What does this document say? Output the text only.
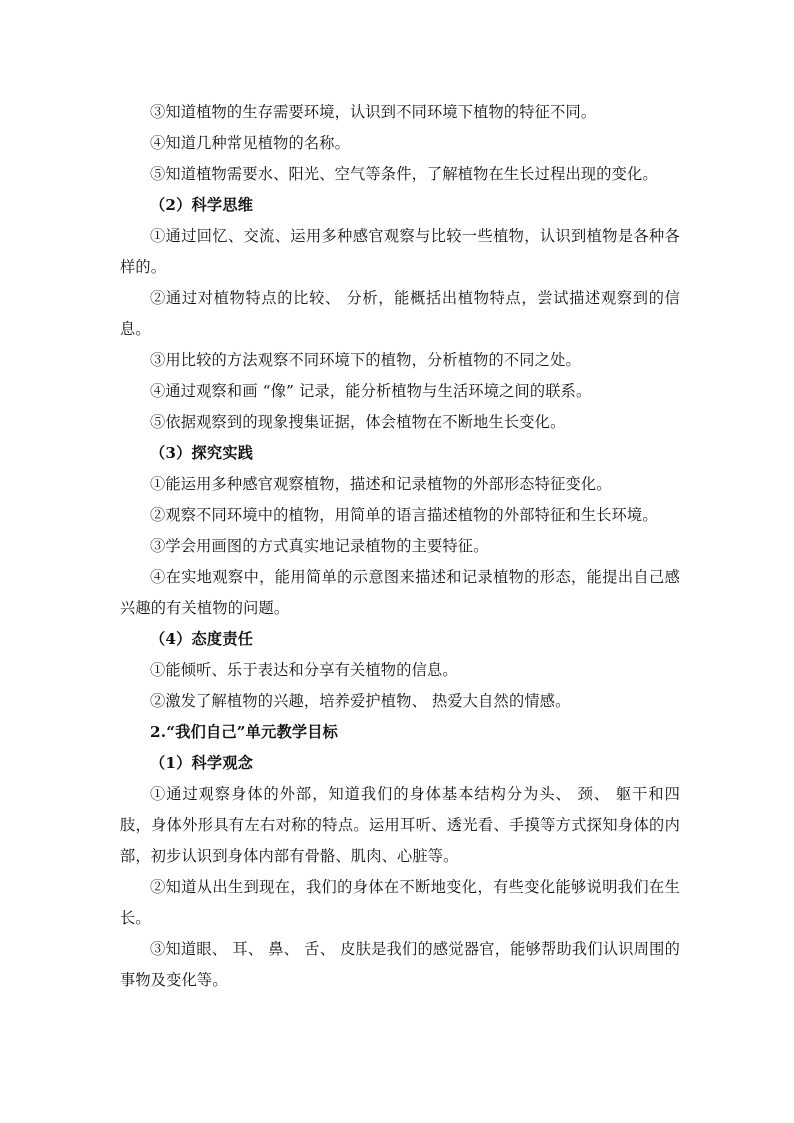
③知道植物的生存需要环境，认识到不同环境下植物的特征不同。

④知道几种常见植物的名称。

⑤知道植物需要水、阳光、空气等条件，了解植物在生长过程出现的变化。

（2）科学思维

①通过回忆、交流、运用多种感官观察与比较一些植物，认识到植物是各种各样的。

②通过对植物特点的比较、 分析，能概括出植物特点，尝试描述观察到的信息。

③用比较的方法观察不同环境下的植物，分析植物的不同之处。

④通过观察和画 “像” 记录，能分析植物与生活环境之间的联系。

⑤依据观察到的现象搜集证据，体会植物在不断地生长变化。

（3）探究实践

①能运用多种感官观察植物，描述和记录植物的外部形态特征变化。

②观察不同环境中的植物，用简单的语言描述植物的外部特征和生长环境。

③学会用画图的方式真实地记录植物的主要特征。

④在实地观察中，能用简单的示意图来描述和记录植物的形态，能提出自己感兴趣的有关植物的问题。

（4）态度责任

①能倾听、乐于表达和分享有关植物的信息。

②激发了解植物的兴趣，培养爱护植物、 热爱大自然的情感。

2.“我们自己”单元教学目标

（1）科学观念

①通过观察身体的外部，知道我们的身体基本结构分为头、 颈、 躯干和四肢，身体外形具有左右对称的特点。运用耳听、透光看、手摸等方式探知身体的内部，初步认识到身体内部有骨骼、肌肉、心脏等。

②知道从出生到现在，我们的身体在不断地变化，有些变化能够说明我们在生长。

③知道眼、 耳、 鼻、 舌、 皮肤是我们的感觉器官，能够帮助我们认识周围的事物及变化等。
